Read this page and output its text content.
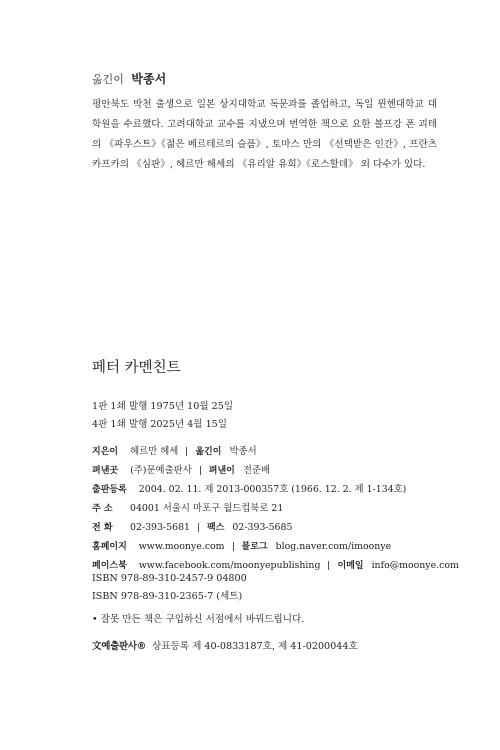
옮긴이 박종서
평안북도 박천 출생으로 일본 상지대학교 독문과를 졸업하고, 독일 뮌헨대학교 대학원을 수료했다. 고려대학교 교수를 지냈으며 번역한 책으로 요한 볼프강 폰 괴테의 《파우스트》《젊은 베르테르의 슬픔》, 토마스 만의 《선택받은 인간》, 프란츠 카프카의 《심판》, 헤르만 헤세의 《유리알 유희》《로스할데》 외 다수가 있다.
페터 카멘친트
1판 1쇄 발행 1975년 10월 25일
4판 1쇄 발행 2025년 4월 15일
지은이 헤르만 헤세 옮긴이 박종서
펴낸곳 (주)문예출판사 펴낸이 전준배
출판등록 2004. 02. 11. 제 2013-000357호 (1966. 12. 2. 제 1-134호)
주 소 04001 서울시 마포구 월드컵북로 21
전 화 02-393-5681 팩스 02-393-5685
홈페이지 www.moonye.com 블로그 blog.naver.com/imoonye
페이스북 www.facebook.com/moonyepublishing 이메일 info@moonye.com
ISBN 978-89-310-2457-9 04800
ISBN 978-89-310-2365-7 (세트)
• 잘못 만든 책은 구입하신 서점에서 바꿔드립니다.
文예출판사® 상표등록 제 40-0833187호, 제 41-0200044호
